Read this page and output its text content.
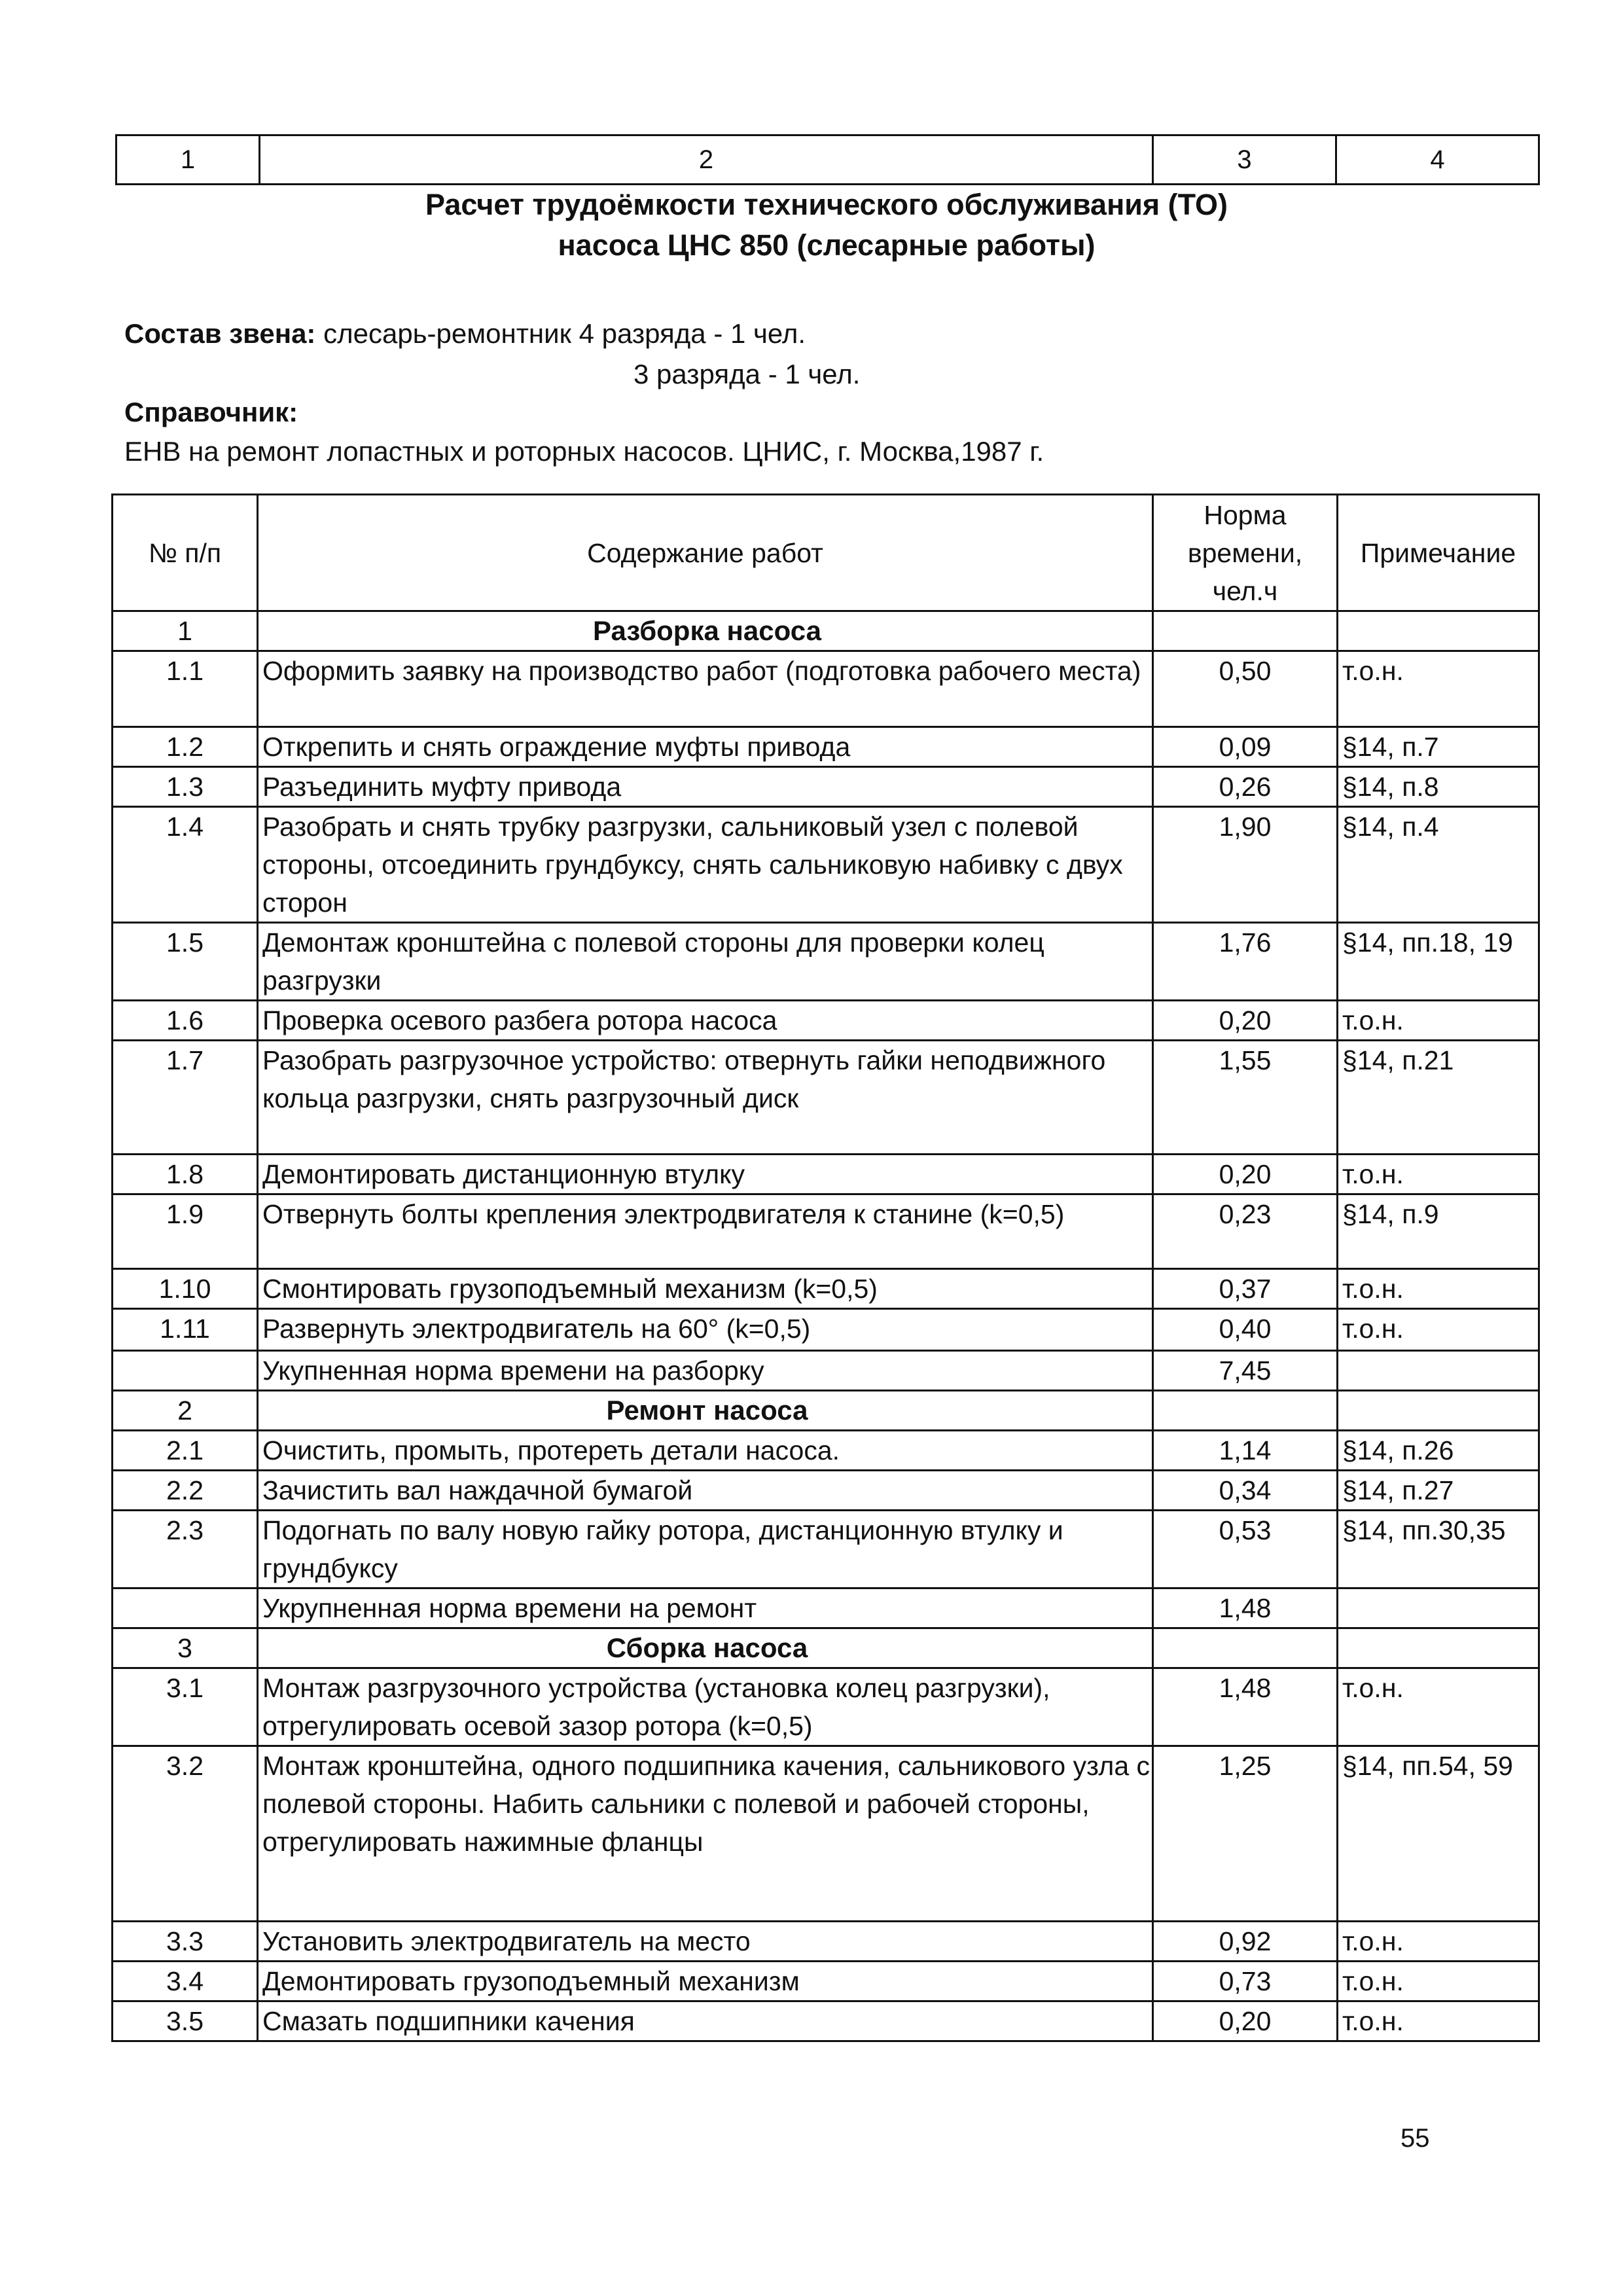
1	2	3	4
Расчет трудоёмкости технического обслуживания (ТО)
насоса ЦНС 850 (слесарные работы)
Состав звена: слесарь-ремонтник 4 разряда - 1 чел.
3 разряда - 1 чел.
Справочник:
ЕНВ на ремонт лопастных и роторных насосов. ЦНИС, г. Москва,1987 г.
№ п/п	Содержание работ	Норма времени, чел.ч	Примечание
1	Разборка насоса		
1.1	Оформить заявку на производство работ (подготовка рабочего места)	0,50	т.о.н.
1.2	Открепить и снять ограждение муфты привода	0,09	§14, п.7
1.3	Разъединить муфту привода	0,26	§14, п.8
1.4	Разобрать и снять трубку разгрузки, сальниковый узел с полевой стороны, отсоединить грундбуксу, снять сальниковую набивку с двух сторон	1,90	§14, п.4
1.5	Демонтаж кронштейна с полевой стороны для проверки колец разгрузки	1,76	§14, пп.18, 19
1.6	Проверка осевого разбега ротора насоса	0,20	т.о.н.
1.7	Разобрать разгрузочное устройство: отвернуть гайки неподвижного кольца разгрузки, снять разгрузочный диск	1,55	§14, п.21
1.8	Демонтировать дистанционную втулку	0,20	т.о.н.
1.9	Отвернуть болты крепления электродвигателя к станине (k=0,5)	0,23	§14, п.9
1.10	Смонтировать грузоподъемный механизм (k=0,5)	0,37	т.о.н.
1.11	Развернуть электродвигатель на 60° (k=0,5)	0,40	т.о.н.
	Укупненная норма времени на разборку	7,45	
2	Ремонт насоса		
2.1	Очистить, промыть, протереть детали насоса.	1,14	§14, п.26
2.2	Зачистить вал наждачной бумагой	0,34	§14, п.27
2.3	Подогнать по валу новую гайку ротора, дистанционную втулку и грундбуксу	0,53	§14, пп.30,35
	Укрупненная норма времени на ремонт	1,48	
3	Сборка насоса		
3.1	Монтаж разгрузочного устройства (установка колец разгрузки), отрегулировать осевой зазор ротора (k=0,5)	1,48	т.о.н.
3.2	Монтаж кронштейна, одного подшипника качения, сальникового узла с полевой стороны. Набить сальники с полевой и рабочей стороны, отрегулировать нажимные фланцы	1,25	§14, пп.54, 59
3.3	Установить электродвигатель на место	0,92	т.о.н.
3.4	Демонтировать грузоподъемный механизм	0,73	т.о.н.
3.5	Смазать подшипники качения	0,20	т.о.н.
55
